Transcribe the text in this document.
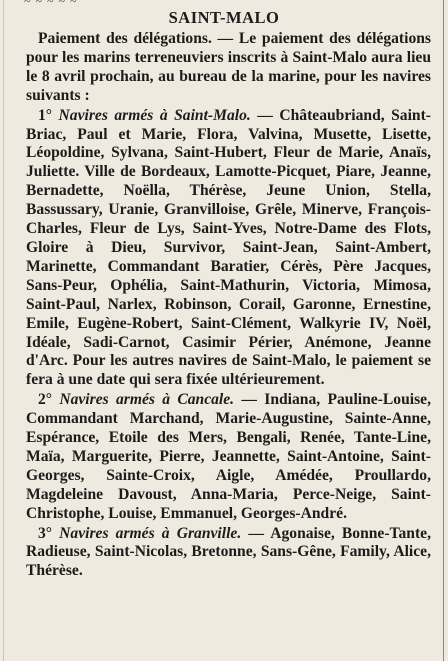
~ ~ ~ ~ ~
SAINT-MALO

Paiement des délégations. — Le paiement des délégations pour les marins terreneuviers inscrits à Saint-Malo aura lieu le 8 avril prochain, au bureau de la marine, pour les navires suivants :

1° Navires armés à Saint-Malo. — Châteaubriand, Saint-Briac, Paul et Marie, Flora, Valvina, Musette, Lisette, Léopoldine, Sylvana, Saint-Hubert, Fleur de Marie, Anaïs, Juliette. Ville de Bordeaux, Lamotte-Picquet, Piare, Jeanne, Bernadette, Noëlla, Thérèse, Jeune Union, Stella, Bassussary, Uranie, Granvilloise, Grêle, Minerve, François-Charles, Fleur de Lys, Saint-Yves, Notre-Dame des Flots, Gloire à Dieu, Survivor, Saint-Jean, Saint-Ambert, Marinette, Commandant Baratier, Cérès, Père Jacques, Sans-Peur, Ophélia, Saint-Mathurin, Victoria, Mimosa, Saint-Paul, Narlex, Robinson, Corail, Garonne, Ernestine, Emile, Eugène-Robert, Saint-Clément, Walkyrie IV, Noël, Idéale, Sadi-Carnot, Casimir Périer, Anémone, Jeanne d'Arc. Pour les autres navires de Saint-Malo, le paiement se fera à une date qui sera fixée ultérieurement.

2° Navires armés à Cancale. — Indiana, Pauline-Louise, Commandant Marchand, Marie-Augustine, Sainte-Anne, Espérance, Etoile des Mers, Bengali, Renée, Tante-Line, Maïa, Marguerite, Pierre, Jeannette, Saint-Antoine, Saint-Georges, Sainte-Croix, Aigle, Amédée, Proullardo, Magdeleine Davoust, Anna-Maria, Perce-Neige, Saint-Christophe, Louise, Emmanuel, Georges-André.

3° Navires armés à Granville. — Agonaise, Bonne-Tante, Radieuse, Saint-Nicolas, Bretonne, Sans-Gêne, Family, Alice, Thérèse.
